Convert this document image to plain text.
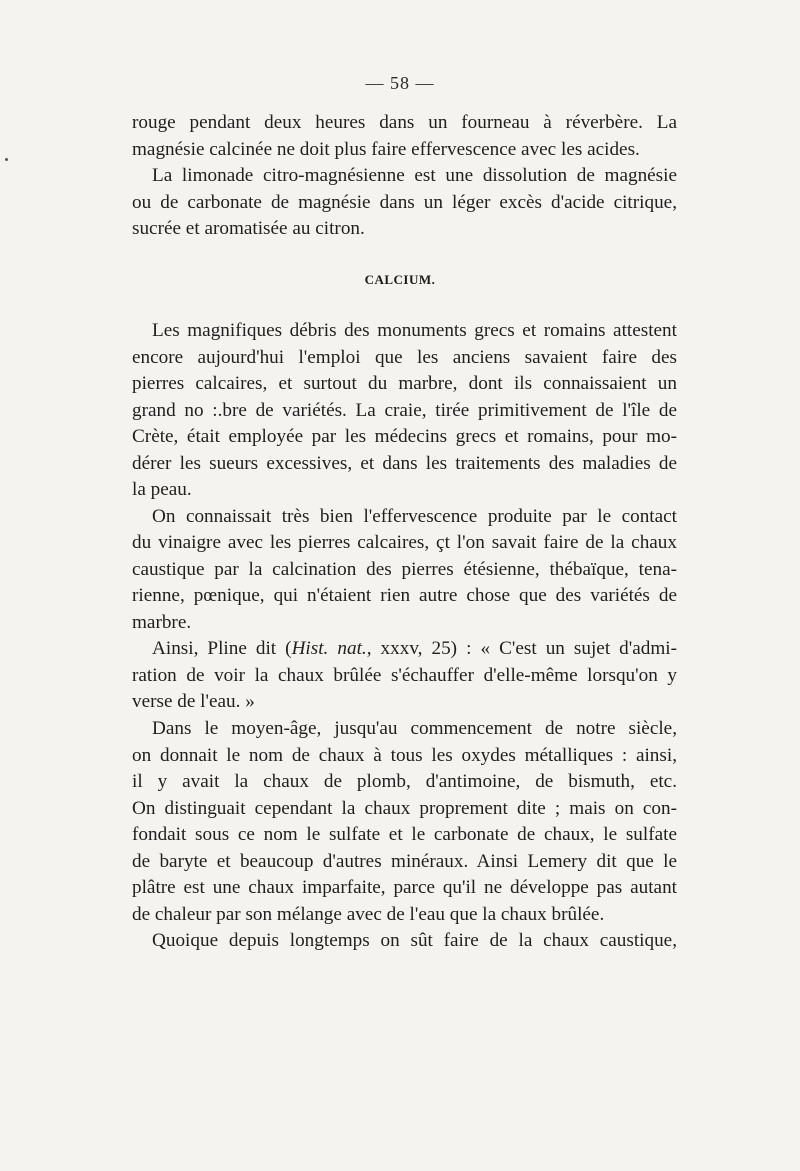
— 58 —
rouge pendant deux heures dans un fourneau à réverbère. La
magnésie calcinée ne doit plus faire effervescence avec les acides.
La limonade citro-magnésienne est une dissolution de magnésie
ou de carbonate de magnésie dans un léger excès d'acide citrique,
sucrée et aromatisée au citron.
CALCIUM.
Les magnifiques débris des monuments grecs et romains attestent
encore aujourd'hui l'emploi que les anciens savaient faire des
pierres calcaires, et surtout du marbre, dont ils connaissaient un
grand no :.bre de variétés. La craie, tirée primitivement de l'île de
Crète, était employée par les médecins grecs et romains, pour mo-
dérer les sueurs excessives, et dans les traitements des maladies de
la peau.
On connaissait très bien l'effervescence produite par le contact
du vinaigre avec les pierres calcaires, çt l'on savait faire de la chaux
caustique par la calcination des pierres étésienne, thébaïque, tena-
rienne, pœnique, qui n'étaient rien autre chose que des variétés de
marbre.
Ainsi, Pline dit (Hist. nat., xxxv, 25) : « C'est un sujet d'admi-
ration de voir la chaux brûlée s'échauffer d'elle-même lorsqu'on y
verse de l'eau. »
Dans le moyen-âge, jusqu'au commencement de notre siècle,
on donnait le nom de chaux à tous les oxydes métalliques : ainsi,
il y avait la chaux de plomb, d'antimoine, de bismuth, etc.
On distinguait cependant la chaux proprement dite ; mais on con-
fondait sous ce nom le sulfate et le carbonate de chaux, le sulfate
de baryte et beaucoup d'autres minéraux. Ainsi Lemery dit que le
plâtre est une chaux imparfaite, parce qu'il ne développe pas autant
de chaleur par son mélange avec de l'eau que la chaux brûlée.
Quoique depuis longtemps on sût faire de la chaux caustique,
